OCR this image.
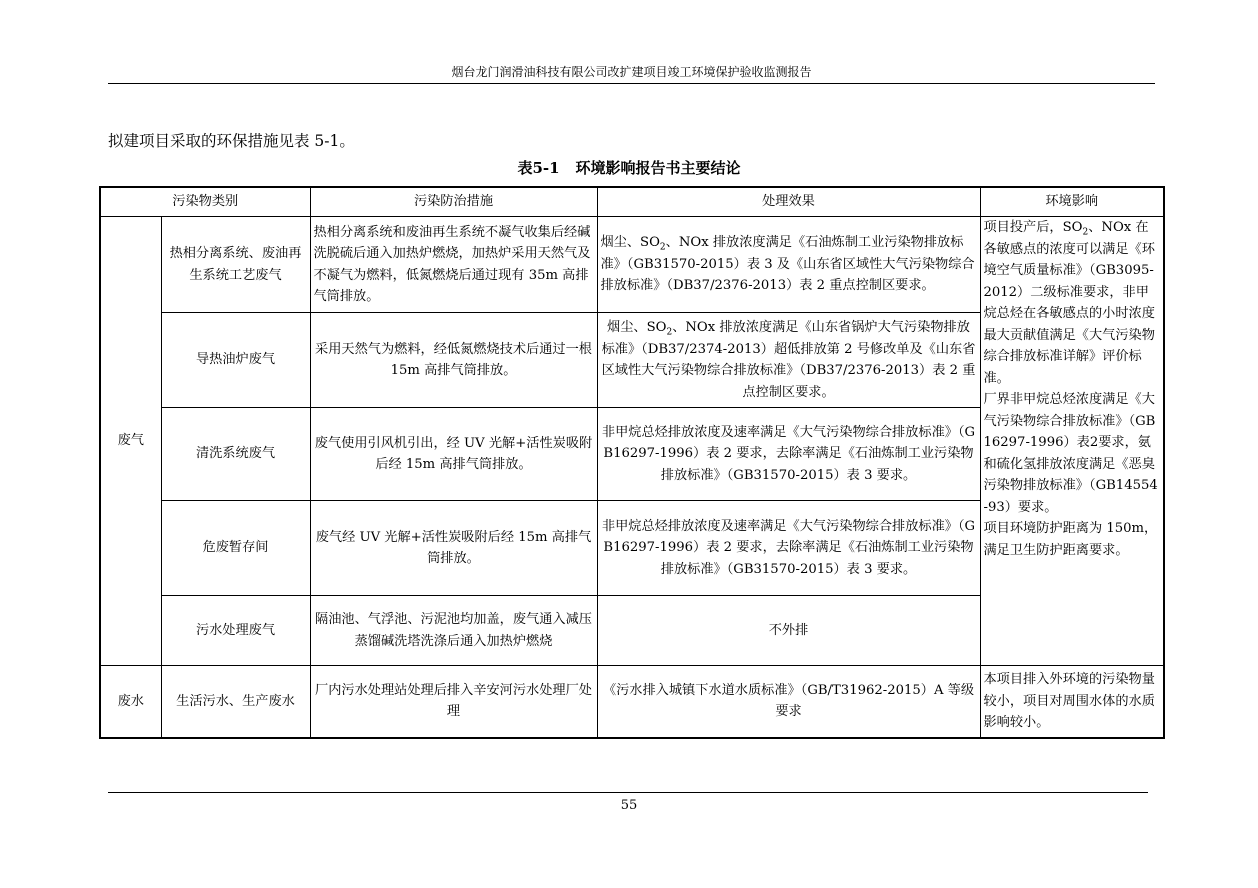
烟台龙门润滑油科技有限公司改扩建项目竣工环境保护验收监测报告
拟建项目采取的环保措施见表 5-1。
表5-1 环境影响报告书主要结论
污染物类别		污染防治措施	处理效果	环境影响
废气	热相分离系统、废油再生系统工艺废气	热相分离系统和废油再生系统不凝气收集后经碱洗脱硫后通入加热炉燃烧，加热炉采用天然气及不凝气为燃料，低氮燃烧后通过现有 35m 高排气筒排放。	烟尘、$SO_2$、NOx 排放浓度满足《石油炼制工业污染物排放标准》（GB31570-2015）表 3 及《山东省区域性大气污染物综合排放标准》（DB37/2376-2013）表 2 重点控制区要求。	项目投产后，$SO_2$、NOx 在各敏感点的浓度可以满足《环境空气质量标准》（GB3095-2012）二级标准要求，非甲烷总烃在各敏感点的小时浓度最大贡献值满足《大气污染物综合排放标准详解》评价标准。
厂界非甲烷总烃浓度满足《大气污染物综合排放标准》（GB16297-1996）表2要求，氨和硫化氢排放浓度满足《恶臭污染物排放标准》（GB14554-93）要求。
项目环境防护距离为 150m，满足卫生防护距离要求。

	导热油炉废气	采用天然气为燃料，经低氮燃烧技术后通过一根 15m 高排气筒排放。	烟尘、$SO_2$、NOx 排放浓度满足《山东省锅炉大气污染物排放标准》（DB37/2374-2013）超低排放第 2 号修改单及《山东省区域性大气污染物综合排放标准》（DB37/2376-2013）表 2 重点控制区要求。	
	清洗系统废气	废气使用引风机引出，经 UV 光解+活性炭吸附后经 15m 高排气筒排放。	非甲烷总烃排放浓度及速率满足《大气污染物综合排放标准》（GB16297-1996）表 2 要求，去除率满足《石油炼制工业污染物排放标准》（GB31570-2015）表 3 要求。	
	危废暂存间	废气经 UV 光解+活性炭吸附后经 15m 高排气筒排放。	非甲烷总烃排放浓度及速率满足《大气污染物综合排放标准》（GB16297-1996）表 2 要求，去除率满足《石油炼制工业污染物排放标准》（GB31570-2015）表 3 要求。	
	污水处理废气	隔油池、气浮池、污泥池均加盖，废气通入减压蒸馏碱洗塔洗涤后通入加热炉燃烧	不外排	
废水	生活污水、生产废水	厂内污水处理站处理后排入辛安河污水处理厂处理	《污水排入城镇下水道水质标准》（GB/T31962-2015）A 等级要求	本项目排入外环境的污染物量较小，项目对周围水体的水质影响较小。
55
